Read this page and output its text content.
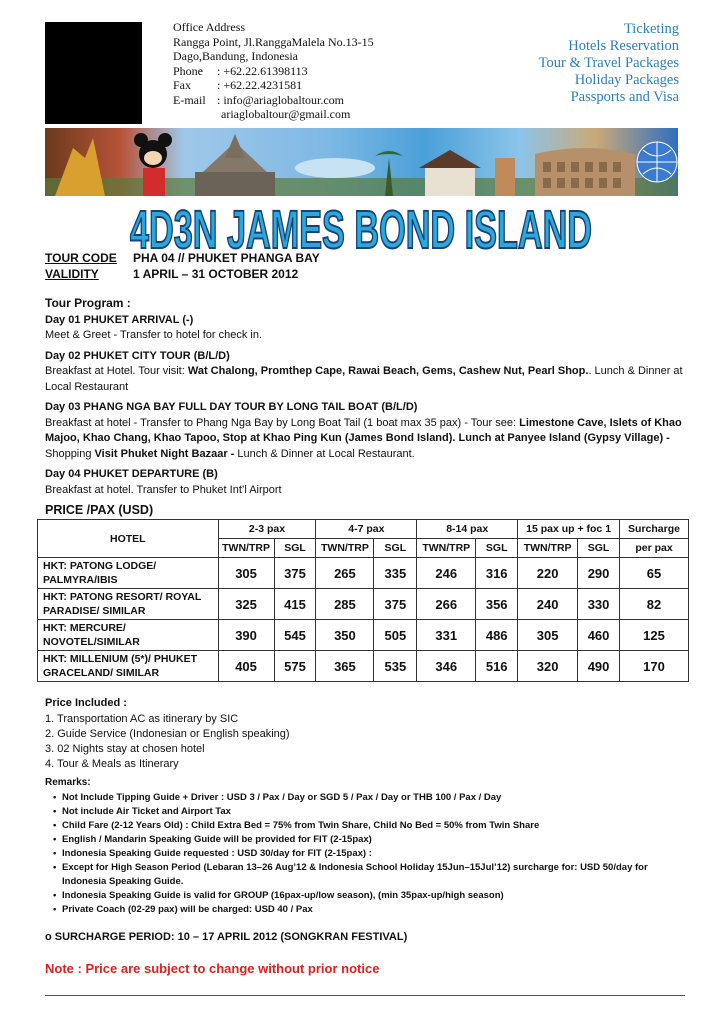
Office Address
Rangga Point, Jl.RanggaMalela No.13-15
Dago,Bandung, Indonesia
Phone	: +62.22.61398113
Fax	: +62.22.4231581
E-mail : info@ariaglobaltour.com
ariaglobaltour@gmail.com
Ticketing
Hotels Reservation
Tour & Travel Packages
Holiday Packages
Passports and Visa
4D3N JAMES BOND ISLAND
TOUR CODE	PHA 04 // PHUKET PHANGA BAY
VALIDITY	1 APRIL – 31 OCTOBER 2012
Tour Program :
Day 01 PHUKET ARRIVAL (-)
Meet & Greet - Transfer to hotel for check in.
Day 02 PHUKET CITY TOUR (B/L/D)
Breakfast at Hotel. Tour visit: Wat Chalong, Promthep Cape, Rawai Beach, Gems, Cashew Nut, Pearl Shop.. Lunch & Dinner at Local Restaurant
Day 03 PHANG NGA BAY FULL DAY TOUR BY LONG TAIL BOAT (B/L/D)
Breakfast at hotel - Transfer to Phang Nga Bay by Long Boat Tail (1 boat max 35 pax) - Tour see: Limestone Cave, Islets of Khao Majoo, Khao Chang, Khao Tapoo, Stop at Khao Ping Kun (James Bond Island). Lunch at Panyee Island (Gypsy Village) - Shopping Visit Phuket Night Bazaar - Lunch & Dinner at Local Restaurant.
Day 04 PHUKET DEPARTURE (B)
Breakfast at hotel. Transfer to Phuket Int’l Airport
PRICE /PAX (USD)
HOTEL	2-3 pax		4-7 pax		8-14 pax		15 pax up + foc 1		Surcharge
	TWN/TRP	SGL	TWN/TRP	SGL	TWN/TRP	SGL	TWN/TRP	SGL	per pax
HKT: PATONG LODGE/
PALMYRA/IBIS	305	375	265	335	246	316	220	290	65
HKT: PATONG RESORT/ ROYAL
PARADISE/ SIMILAR	325	415	285	375	266	356	240	330	82
HKT: MERCURE/
NOVOTEL/SIMILAR	390	545	350	505	331	486	305	460	125
HKT: MILLENIUM (5*)/ PHUKET
GRACELAND/ SIMILAR	405	575	365	535	346	516	320	490	170
Price Included :
1. Transportation AC as itinerary by SIC
2. Guide Service (Indonesian or English speaking)
3. 02 Nights stay at chosen hotel
4. Tour & Meals as Itinerary
Remarks:
• Not Include Tipping Guide + Driver : USD 3 / Pax / Day or SGD 5 / Pax / Day or THB 100 / Pax / Day
• Not include Air Ticket and Airport Tax
• Child Fare (2-12 Years Old) : Child Extra Bed = 75% from Twin Share, Child No Bed = 50% from Twin Share
• English / Mandarin Speaking Guide will be provided for FIT (2-15pax)
• Indonesia Speaking Guide requested : USD 30/day for FIT (2-15pax) :
• Except for High Season Period (Lebaran 13–26 Aug’12 & Indonesia School Holiday 15Jun–15Jul’12) surcharge for: USD 50/day for
Indonesia Speaking Guide.
• Indonesia Speaking Guide is valid for GROUP (16pax-up/low season), (min 35pax-up/high season)
• Private Coach (02-29 pax) will be charged: USD 40 / Pax
o SURCHARGE PERIOD: 10 – 17 APRIL 2012 (SONGKRAN FESTIVAL)
Note : Price are subject to change without prior notice
